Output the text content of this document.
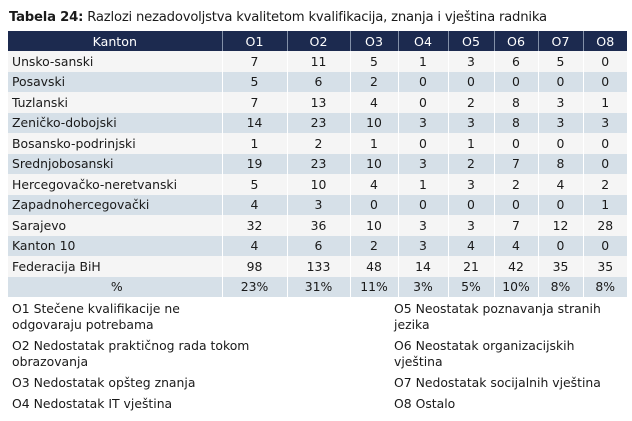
Tabela 24: Razlozi nezadovoljstva kvalitetom kvalifikacija, znanja i vještina radnika
Kanton	O1	O2	O3	O4	O5	O6	O7	O8
Unsko-sanski	7	11	5	1	3	6	5	0
Posavski	5	6	2	0	0	0	0	0
Tuzlanski	7	13	4	0	2	8	3	1
Zeničko-dobojski	14	23	10	3	3	8	3	3
Bosansko-podrinjski	1	2	1	0	1	0	0	0
Srednjobosanski	19	23	10	3	2	7	8	0
Hercegovačko-neretvanski	5	10	4	1	3	2	4	2
Zapadnohercegovački	4	3	0	0	0	0	0	1
Sarajevo	32	36	10	3	3	7	12	28
Kanton 10	4	6	2	3	4	4	0	0
Federacija BiH	98	133	48	14	21	42	35	35
%	23%	31%	11%	3%	5%	10%	8%	8%
O1 Stečene kvalifikacije ne odgovaraju potrebama
O2 Nedostatak praktičnog rada tokom obrazovanja
O3 Nedostatak opšteg znanja
O4 Nedostatak IT vještina
O5 Neostatak poznavanja stranih jezika
O6 Neostatak organizacijskih vještina
O7 Nedostatak socijalnih vještina
O8 Ostalo
